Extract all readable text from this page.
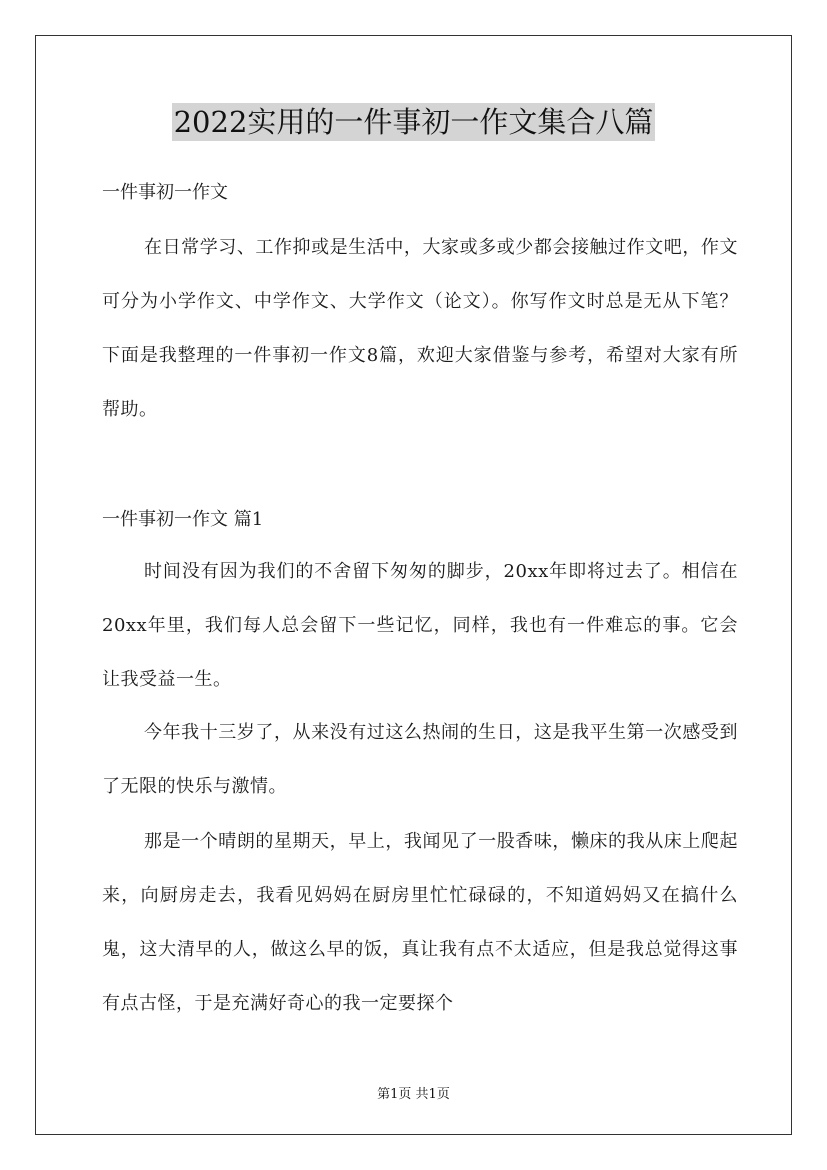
2022实用的一件事初一作文集合八篇
一件事初一作文
在日常学习、工作抑或是生活中，大家或多或少都会接触过作文吧，作文可分为小学作文、中学作文、大学作文（论文）。你写作文时总是无从下笔？下面是我整理的一件事初一作文8篇，欢迎大家借鉴与参考，希望对大家有所帮助。
一件事初一作文 篇1
时间没有因为我们的不舍留下匆匆的脚步，20xx年即将过去了。相信在20xx年里，我们每人总会留下一些记忆，同样，我也有一件难忘的事。它会让我受益一生。
今年我十三岁了，从来没有过这么热闹的生日，这是我平生第一次感受到了无限的快乐与激情。
那是一个晴朗的星期天，早上，我闻见了一股香味，懒床的我从床上爬起来，向厨房走去，我看见妈妈在厨房里忙忙碌碌的，不知道妈妈又在搞什么鬼，这大清早的人，做这么早的饭，真让我有点不太适应，但是我总觉得这事有点古怪，于是充满好奇心的我一定要探个
第1页 共1页
